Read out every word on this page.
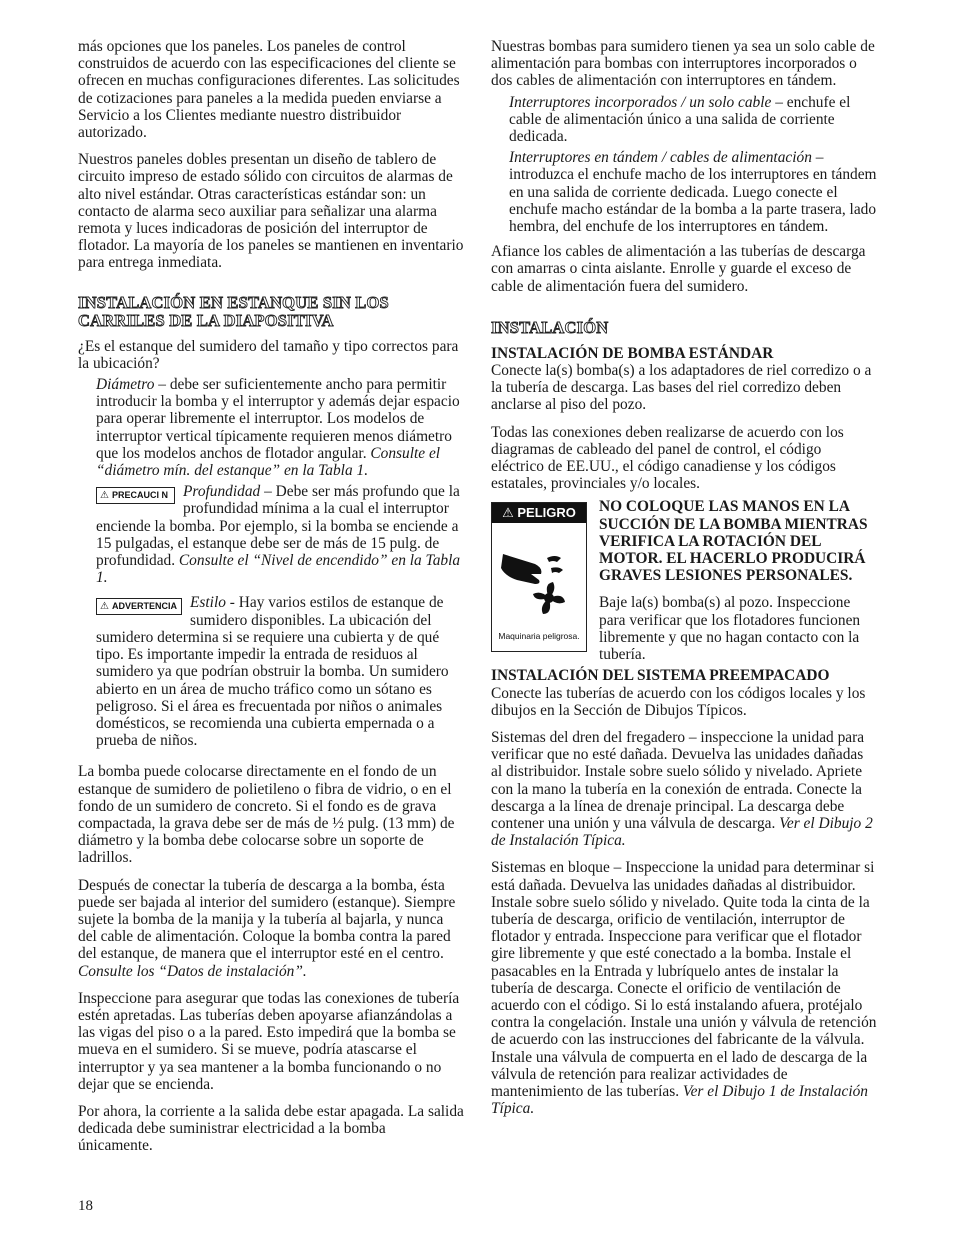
más opciones que los paneles. Los paneles de control construidos de acuerdo con las especificaciones del cliente se ofrecen en muchas configuraciones diferentes. Las solicitudes de cotizaciones para paneles a la medida pueden enviarse a Servicio a los Clientes mediante nuestro distribuidor autorizado.

Nuestros paneles dobles presentan un diseño de tablero de circuito impreso de estado sólido con circuitos de alarmas de alto nivel estándar. Otras características estándar son: un contacto de alarma seco auxiliar para señalizar una alarma remota y luces indicadoras de posición del interruptor de flotador. La mayoría de los paneles se mantienen en inventario para entrega inmediata.

INSTALACIÓN EN ESTANQUE SIN LOS CARRILES DE LA DIAPOSITIVA

¿Es el estanque del sumidero del tamaño y tipo correctos para la ubicación?

Diámetro – debe ser suficientemente ancho para permitir introducir la bomba y el interruptor y además dejar espacio para operar libremente el interruptor. Los modelos de interruptor vertical típicamente requieren menos diámetro que los modelos anchos de flotador angular. Consulte el “diámetro mín. del estanque” en la Tabla 1.

⚠ PRECAUCI N Profundidad – Debe ser más profundo que la profundidad mínima a la cual el interruptor enciende la bomba. Por ejemplo, si la bomba se enciende a 15 pulgadas, el estanque debe ser de más de 15 pulg. de profundidad. Consulte el “Nivel de encendido” en la Tabla 1.

⚠ ADVERTENCIA Estilo - Hay varios estilos de estanque de sumidero disponibles. La ubicación del sumidero determina si se requiere una cubierta y de qué tipo. Es importante impedir la entrada de residuos al sumidero ya que podrían obstruir la bomba. Un sumidero abierto en un área de mucho tráfico como un sótano es peligroso. Si el área es frecuentada por niños o animales domésticos, se recomienda una cubierta empernada o a prueba de niños.

La bomba puede colocarse directamente en el fondo de un estanque de sumidero de polietileno o fibra de vidrio, o en el fondo de un sumidero de concreto. Si el fondo es de grava compactada, la grava debe ser de más de ½ pulg. (13 mm) de diámetro y la bomba debe colocarse sobre un soporte de ladrillos.

Después de conectar la tubería de descarga a la bomba, ésta puede ser bajada al interior del sumidero (estanque). Siempre sujete la bomba de la manija y la tubería al bajarla, y nunca del cable de alimentación. Coloque la bomba contra la pared del estanque, de manera que el interruptor esté en el centro. Consulte los “Datos de instalación”.

Inspeccione para asegurar que todas las conexiones de tubería estén apretadas. Las tuberías deben apoyarse afianzándolas a las vigas del piso o a la pared. Esto impedirá que la bomba se mueva en el sumidero. Si se mueve, podría atascarse el interruptor y ya sea mantener a la bomba funcionando o no dejar que se encienda.

Por ahora, la corriente a la salida debe estar apagada. La salida dedicada debe suministrar electricidad a la bomba únicamente.

Nuestras bombas para sumidero tienen ya sea un solo cable de alimentación para bombas con interruptores incorporados o dos cables de alimentación con interruptores en tándem.

Interruptores incorporados / un solo cable – enchufe el cable de alimentación único a una salida de corriente dedicada.

Interruptores en tándem / cables de alimentación – introduzca el enchufe macho de los interruptores en tándem en una salida de corriente dedicada. Luego conecte el enchufe macho estándar de la bomba a la parte trasera, lado hembra, del enchufe de los interruptores en tándem.

Afiance los cables de alimentación a las tuberías de descarga con amarras o cinta aislante. Enrolle y guarde el exceso de cable de alimentación fuera del sumidero.

INSTALACIÓN
INSTALACIÓN DE BOMBA ESTÁNDAR

Conecte la(s) bomba(s) a los adaptadores de riel corredizo o a la tubería de descarga. Las bases del riel corredizo deben anclarse al piso del pozo.

Todas las conexiones deben realizarse de acuerdo con los diagramas de cableado del panel de control, el código eléctrico de EE.UU., el código canadiense y los códigos estatales, provinciales y/o locales.

⚠ PELIGRO
Maquinaria peligrosa.

NO COLOQUE LAS MANOS EN LA SUCCIÓN DE LA BOMBA MIENTRAS VERIFICA LA ROTACIÓN DEL MOTOR. EL HACERLO PRODUCIRÁ GRAVES LESIONES PERSONALES.

Baje la(s) bomba(s) al pozo. Inspeccione para verificar que los flotadores funcionen libremente y que no hagan contacto con la tubería.

INSTALACIÓN DEL SISTEMA PREEMPACADO

Conecte las tuberías de acuerdo con los códigos locales y los dibujos en la Sección de Dibujos Típicos.

Sistemas del dren del fregadero – inspeccione la unidad para verificar que no esté dañada. Devuelva las unidades dañadas al distribuidor. Instale sobre suelo sólido y nivelado. Apriete con la mano la tubería en la conexión de entrada. Conecte la descarga a la línea de drenaje principal. La descarga debe contener una unión y una válvula de descarga. Ver el Dibujo 2 de Instalación Típica.

Sistemas en bloque – Inspeccione la unidad para determinar si está dañada. Devuelva las unidades dañadas al distribuidor. Instale sobre suelo sólido y nivelado. Quite toda la cinta de la tubería de descarga, orificio de ventilación, interruptor de flotador y entrada. Inspeccione para verificar que el flotador gire libremente y que esté conectado a la bomba. Instale el pasacables en la Entrada y lubríquelo antes de instalar la tubería de descarga. Conecte el orificio de ventilación de acuerdo con el código. Si lo está instalando afuera, protéjalo contra la congelación. Instale una unión y válvula de retención de acuerdo con las instrucciones del fabricante de la válvula. Instale una válvula de compuerta en el lado de descarga de la válvula de retención para realizar actividades de mantenimiento de las tuberías. Ver el Dibujo 1 de Instalación Típica.

18
